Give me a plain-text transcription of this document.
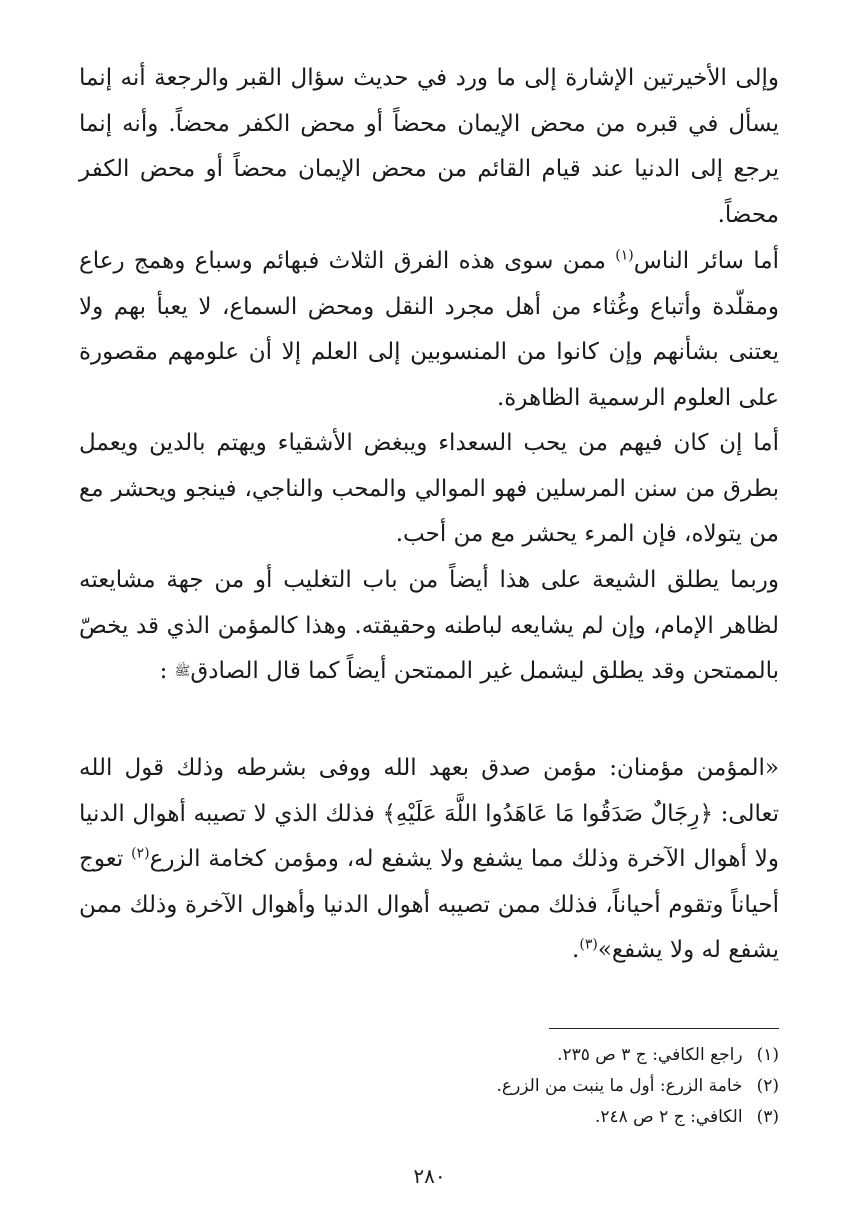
وإلى الأخيرتين الإشارة إلى ما ورد في حديث سؤال القبر والرجعة أنه إنما يسأل في قبره من محض الإيمان محضاً أو محض الكفر محضاً. وأنه إنما يرجع إلى الدنيا عند قيام القائم من محض الإيمان محضاً أو محض الكفر محضاً.

أما سائر الناس$^{(١)}$ ممن سوى هذه الفرق الثلاث فبهائم وسباع وهمج رعاع ومقلّدة وأتباع وغُثاء من أهل مجرد النقل ومحض السماع، لا يعبأ بهم ولا يعتنى بشأنهم وإن كانوا من المنسوبين إلى العلم إلا أن علومهم مقصورة على العلوم الرسمية الظاهرة.

أما إن كان فيهم من يحب السعداء ويبغض الأشقياء ويهتم بالدين ويعمل بطرق من سنن المرسلين فهو الموالي والمحب والناجي، فينجو ويحشر مع من يتولاه، فإن المرء يحشر مع من أحب.

وربما يطلق الشيعة على هذا أيضاً من باب التغليب أو من جهة مشايعته لظاهر الإمام، وإن لم يشايعه لباطنه وحقيقته. وهذا كالمؤمن الذي قد يخصّ بالممتحن وقد يطلق ليشمل غير الممتحن أيضاً كما قال الصادقﷺ :

«المؤمن مؤمنان: مؤمن صدق بعهد الله ووفى بشرطه وذلك قول الله تعالى: ﴿رِجَالٌ صَدَقُوا مَا عَاهَدُوا اللَّهَ عَلَيْهِ﴾ فذلك الذي لا تصيبه أهوال الدنيا ولا أهوال الآخرة وذلك مما يشفع ولا يشفع له، ومؤمن كخامة الزرع$^{(٢)}$ تعوج أحياناً وتقوم أحياناً، فذلك ممن تصيبه أهوال الدنيا وأهوال الآخرة وذلك ممن يشفع له ولا يشفع»$^{(٣)}$.

(١)راجع الكافي: ج ٣ ص ٢٣٥.
(٢)خامة الزرع: أول ما ينبت من الزرع.
(٣)الكافي: ج ٢ ص ٢٤٨.
٢٨٠
